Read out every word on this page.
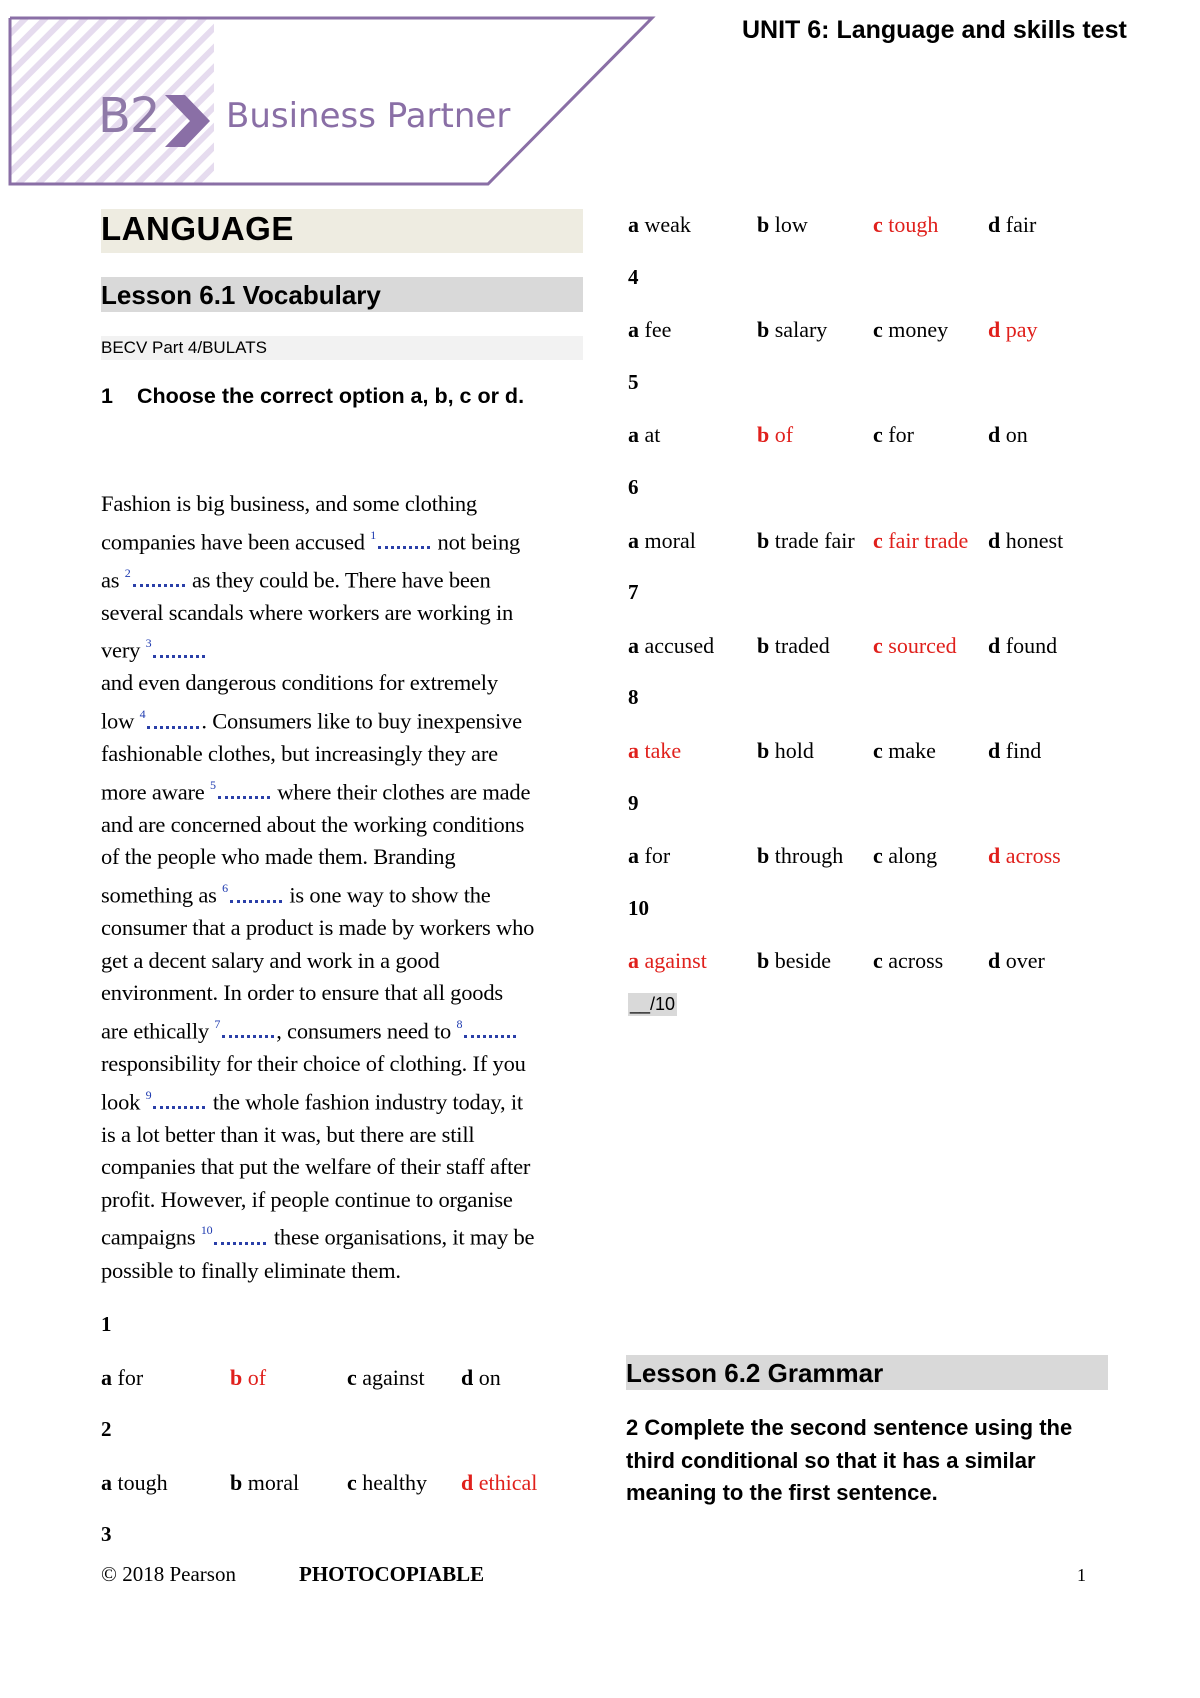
B2 Business Partner
UNIT 6: Language and skills test
LANGUAGE
Lesson 6.1 Vocabulary
BECV Part 4/BULATS
1 Choose the correct option a, b, c or d.

Fashion is big business, and some clothing

companies have been accused $^1$ not being

as $^2$ as they could be. There have been

several scandals where workers are working in

very $^3$

and even dangerous conditions for extremely

low $^4$ . Consumers like to buy inexpensive

fashionable clothes, but increasingly they are

more aware $^5$ where their clothes are made

and are concerned about the working conditions

of the people who made them. Branding

something as $^6$ is one way to show the

consumer that a product is made by workers who

get a decent salary and work in a good

environment. In order to ensure that all goods

are ethically $^7$ , consumers need to $^8$

responsibility for their choice of clothing. If you

look $^9$ the whole fashion industry today, it

is a lot better than it was, but there are still

companies that put the welfare of their staff after

profit. However, if people continue to organise

campaigns $^{10}$ these organisations, it may be

possible to finally eliminate them.

1
a for	b of	c against d on
2
a tough	b moral c healthy d ethical
3
a weak	b low	c tough d fair
4
a fee	b salary c money d pay
5
a at	b of	c for	d on
6
a moral	b trade fair c fair trade d honest
7
a accused b traded c sourced d found
8
a take	b hold	c make d find
9
a for	b through c along d across
10
a against b beside c across d over
__/10
Lesson 6.2 Grammar
2 Complete the second sentence using the third conditional so that it has a similar meaning to the first sentence.
© 2018 Pearson	PHOTOCOPIABLE	1
